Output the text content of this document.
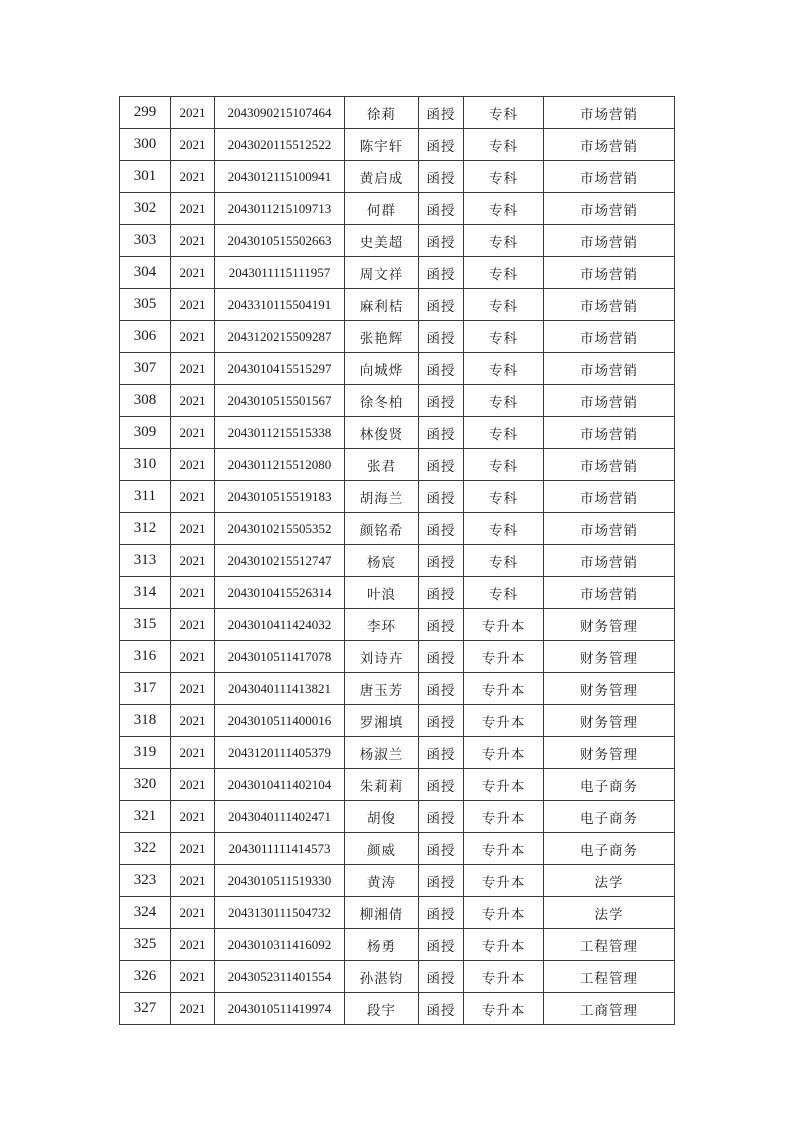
299	2021	2043090215107464	徐莉	函授	专科	市场营销
300	2021	2043020115512522	陈宇轩	函授	专科	市场营销
301	2021	2043012115100941	黄启成	函授	专科	市场营销
302	2021	2043011215109713	何群	函授	专科	市场营销
303	2021	2043010515502663	史美超	函授	专科	市场营销
304	2021	2043011115111957	周文祥	函授	专科	市场营销
305	2021	2043310115504191	麻利桔	函授	专科	市场营销
306	2021	2043120215509287	张艳辉	函授	专科	市场营销
307	2021	2043010415515297	向城烨	函授	专科	市场营销
308	2021	2043010515501567	徐冬柏	函授	专科	市场营销
309	2021	2043011215515338	林俊贤	函授	专科	市场营销
310	2021	2043011215512080	张君	函授	专科	市场营销
311	2021	2043010515519183	胡海兰	函授	专科	市场营销
312	2021	2043010215505352	颜铭希	函授	专科	市场营销
313	2021	2043010215512747	杨宸	函授	专科	市场营销
314	2021	2043010415526314	叶浪	函授	专科	市场营销
315	2021	2043010411424032	李环	函授	专升本	财务管理
316	2021	2043010511417078	刘诗卉	函授	专升本	财务管理
317	2021	2043040111413821	唐玉芳	函授	专升本	财务管理
318	2021	2043010511400016	罗湘填	函授	专升本	财务管理
319	2021	2043120111405379	杨淑兰	函授	专升本	财务管理
320	2021	2043010411402104	朱莉莉	函授	专升本	电子商务
321	2021	2043040111402471	胡俊	函授	专升本	电子商务
322	2021	2043011111414573	颜威	函授	专升本	电子商务
323	2021	2043010511519330	黄涛	函授	专升本	法学
324	2021	2043130111504732	柳湘倩	函授	专升本	法学
325	2021	2043010311416092	杨勇	函授	专升本	工程管理
326	2021	2043052311401554	孙湛钧	函授	专升本	工程管理
327	2021	2043010511419974	段宇	函授	专升本	工商管理
